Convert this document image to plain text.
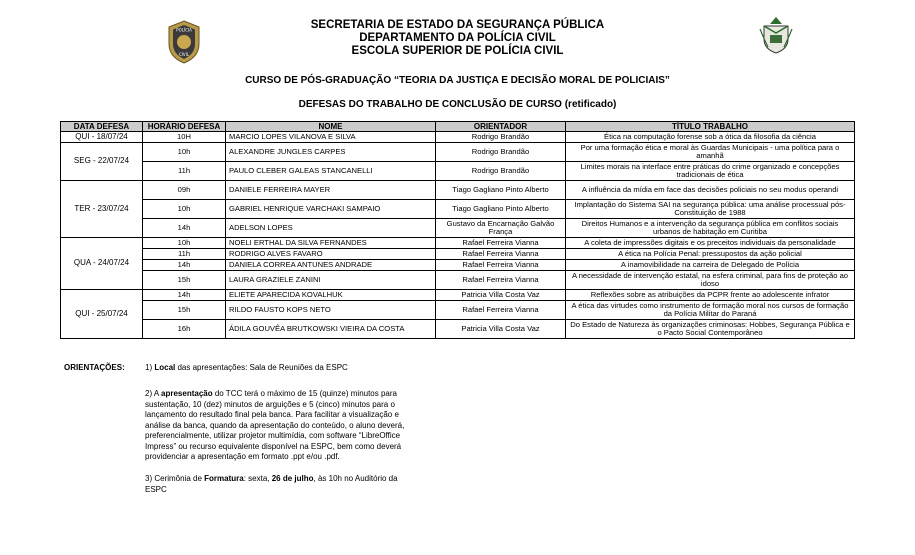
POLÍCIA
CIVIL
SECRETARIA DE ESTADO DA SEGURANÇA PÚBLICA
DEPARTAMENTO DA POLÍCIA CIVIL
ESCOLA SUPERIOR DE POLÍCIA CIVIL
CURSO DE PÓS-GRADUAÇÃO “TEORIA DA JUSTIÇA E DECISÃO MORAL DE POLICIAIS”
DEFESAS DO TRABALHO DE CONCLUSÃO DE CURSO (retificado)
DATA DEFESA	HORÁRIO DEFESA	NOME	ORIENTADOR	TÍTULO TRABALHO
QUI - 18/07/24	10H	MARCIO LOPES VILANOVA E SILVA	Rodrigo Brandão	Ética na computação forense sob a ótica da filosofia da ciência
SEG - 22/07/24	10h	ALEXANDRE JUNGLES CARPES	Rodrigo Brandão	Por uma formação ética e moral às Guardas Municipais - uma política para o amanhã
	11h	PAULO CLEBER GALEAS STANCANELLI	Rodrigo Brandão	Limites morais na interface entre práticas do crime organizado e concepções tradicionais de ética
TER - 23/07/24	09h	DANIELE FERREIRA MAYER	Tiago Gagliano Pinto Alberto	A influência da mídia em face das decisões policiais no seu modus operandi
	10h	GABRIEL HENRIQUE VARCHAKI SAMPAIO	Tiago Gagliano Pinto Alberto	Implantação do Sistema SAI na segurança pública: uma análise processual pós-Constituição de 1988
	14h	ADELSON LOPES	Gustavo da Encarnação Galvão França	Direitos Humanos e a intervenção da segurança pública em conflitos sociais urbanos de habitação em Curitiba
QUA - 24/07/24	10h	NOELI ERTHAL DA SILVA FERNANDES	Rafael Ferreira Vianna	A coleta de impressões digitais e os preceitos individuais da personalidade
	11h	RODRIGO ALVES FAVARO	Rafael Ferreira Vianna	A ética na Polícia Penal: pressupostos da ação policial
	14h	DANIELA CORREA ANTUNES ANDRADE	Rafael Ferreira Vianna	A inamovibilidade na carreira de Delegado de Polícia
	15h	LAURA GRAZIELE ZANINI	Rafael Ferreira Vianna	A necessidade de intervenção estatal, na esfera criminal, para fins de proteção ao idoso
QUI - 25/07/24	14h	ELIETE APARECIDA KOVALHUK	Patricia Villa Costa Vaz	Reflexões sobre as atribuições da PCPR frente ao adolescente infrator
	15h	RILDO FAUSTO KOPS NETO	Rafael Ferreira Vianna	A ética das virtudes como instrumento de formação moral nos cursos de formação da Polícia Militar do Paraná
	16h	ÁDILA GOUVÊA BRUTKOWSKI VIEIRA DA COSTA	Patricia Villa Costa Vaz	Do Estado de Natureza às organizações criminosas: Hobbes, Segurança Pública e o Pacto Social Contemporâneo
ORIENTAÇÕES:	1) Local das apresentações: Sala de Reuniões da ESPC
2) A apresentação do TCC terá o máximo de 15 (quinze) minutos para sustentação, 10 (dez) minutos de arguições e 5 (cinco) minutos para o lançamento do resultado final pela banca. Para facilitar a visualização e análise da banca, quando da apresentação do conteúdo, o aluno deverá, preferencialmente, utilizar projetor multimídia, com software “LibreOffice Impress” ou recurso equivalente disponível na ESPC, bem como deverá providenciar a apresentação em formato .ppt e/ou .pdf.
3) Cerimônia de Formatura: sexta, 26 de julho, às 10h no Auditório da ESPC
